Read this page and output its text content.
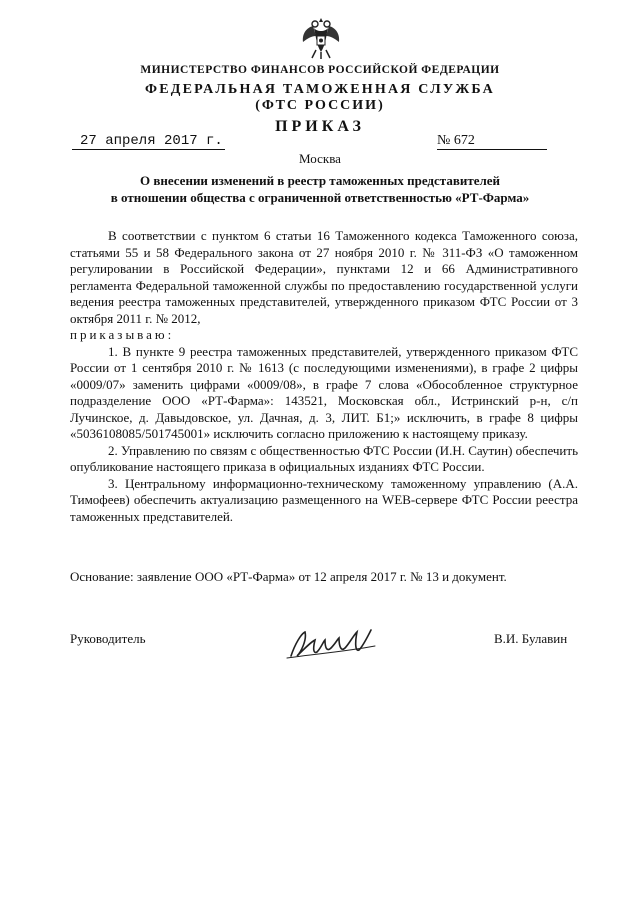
МИНИСТЕРСТВО ФИНАНСОВ РОССИЙСКОЙ ФЕДЕРАЦИИ
ФЕДЕРАЛЬНАЯ ТАМОЖЕННАЯ СЛУЖБА
(ФТС РОССИИ)
ПРИКАЗ
27 апреля 2017 г.	№ 672
Москва
О внесении изменений в реестр таможенных представителей
в отношении общества с ограниченной ответственностью «РТ-Фарма»

В соответствии с пунктом 6 статьи 16 Таможенного кодекса Таможенного союза, статьями 55 и 58 Федерального закона от 27 ноября 2010 г. № 311-ФЗ «О таможенном регулировании в Российской Федерации», пунктами 12 и 66 Административного регламента Федеральной таможенной службы по предоставлению государственной услуги ведения реестра таможенных представителей, утвержденного приказом ФТС России от 3 октября 2011 г. № 2012,

приказываю:

1. В пункте 9 реестра таможенных представителей, утвержденного приказом ФТС России от 1 сентября 2010 г. № 1613 (с последующими изменениями), в графе 2 цифры «0009/07» заменить цифрами «0009/08», в графе 7 слова «Обособленное структурное подразделение ООО «РТ-Фарма»: 143521, Московская обл., Истринский р-н, с/п Лучинское, д. Давыдовское, ул. Дачная, д. 3, ЛИТ. Б1;» исключить, в графе 8 цифры «5036108085/501745001» исключить согласно приложению к настоящему приказу.

2. Управлению по связям с общественностью ФТС России (И.Н. Саутин) обеспечить опубликование настоящего приказа в официальных изданиях ФТС России.

3. Центральному информационно-техническому таможенному управлению (А.А. Тимофеев) обеспечить актуализацию размещенного на WEB-сервере ФТС России реестра таможенных представителей.

Основание: заявление ООО «РТ-Фарма» от 12 апреля 2017 г. № 13 и документ.
Руководитель	В.И. Булавин
